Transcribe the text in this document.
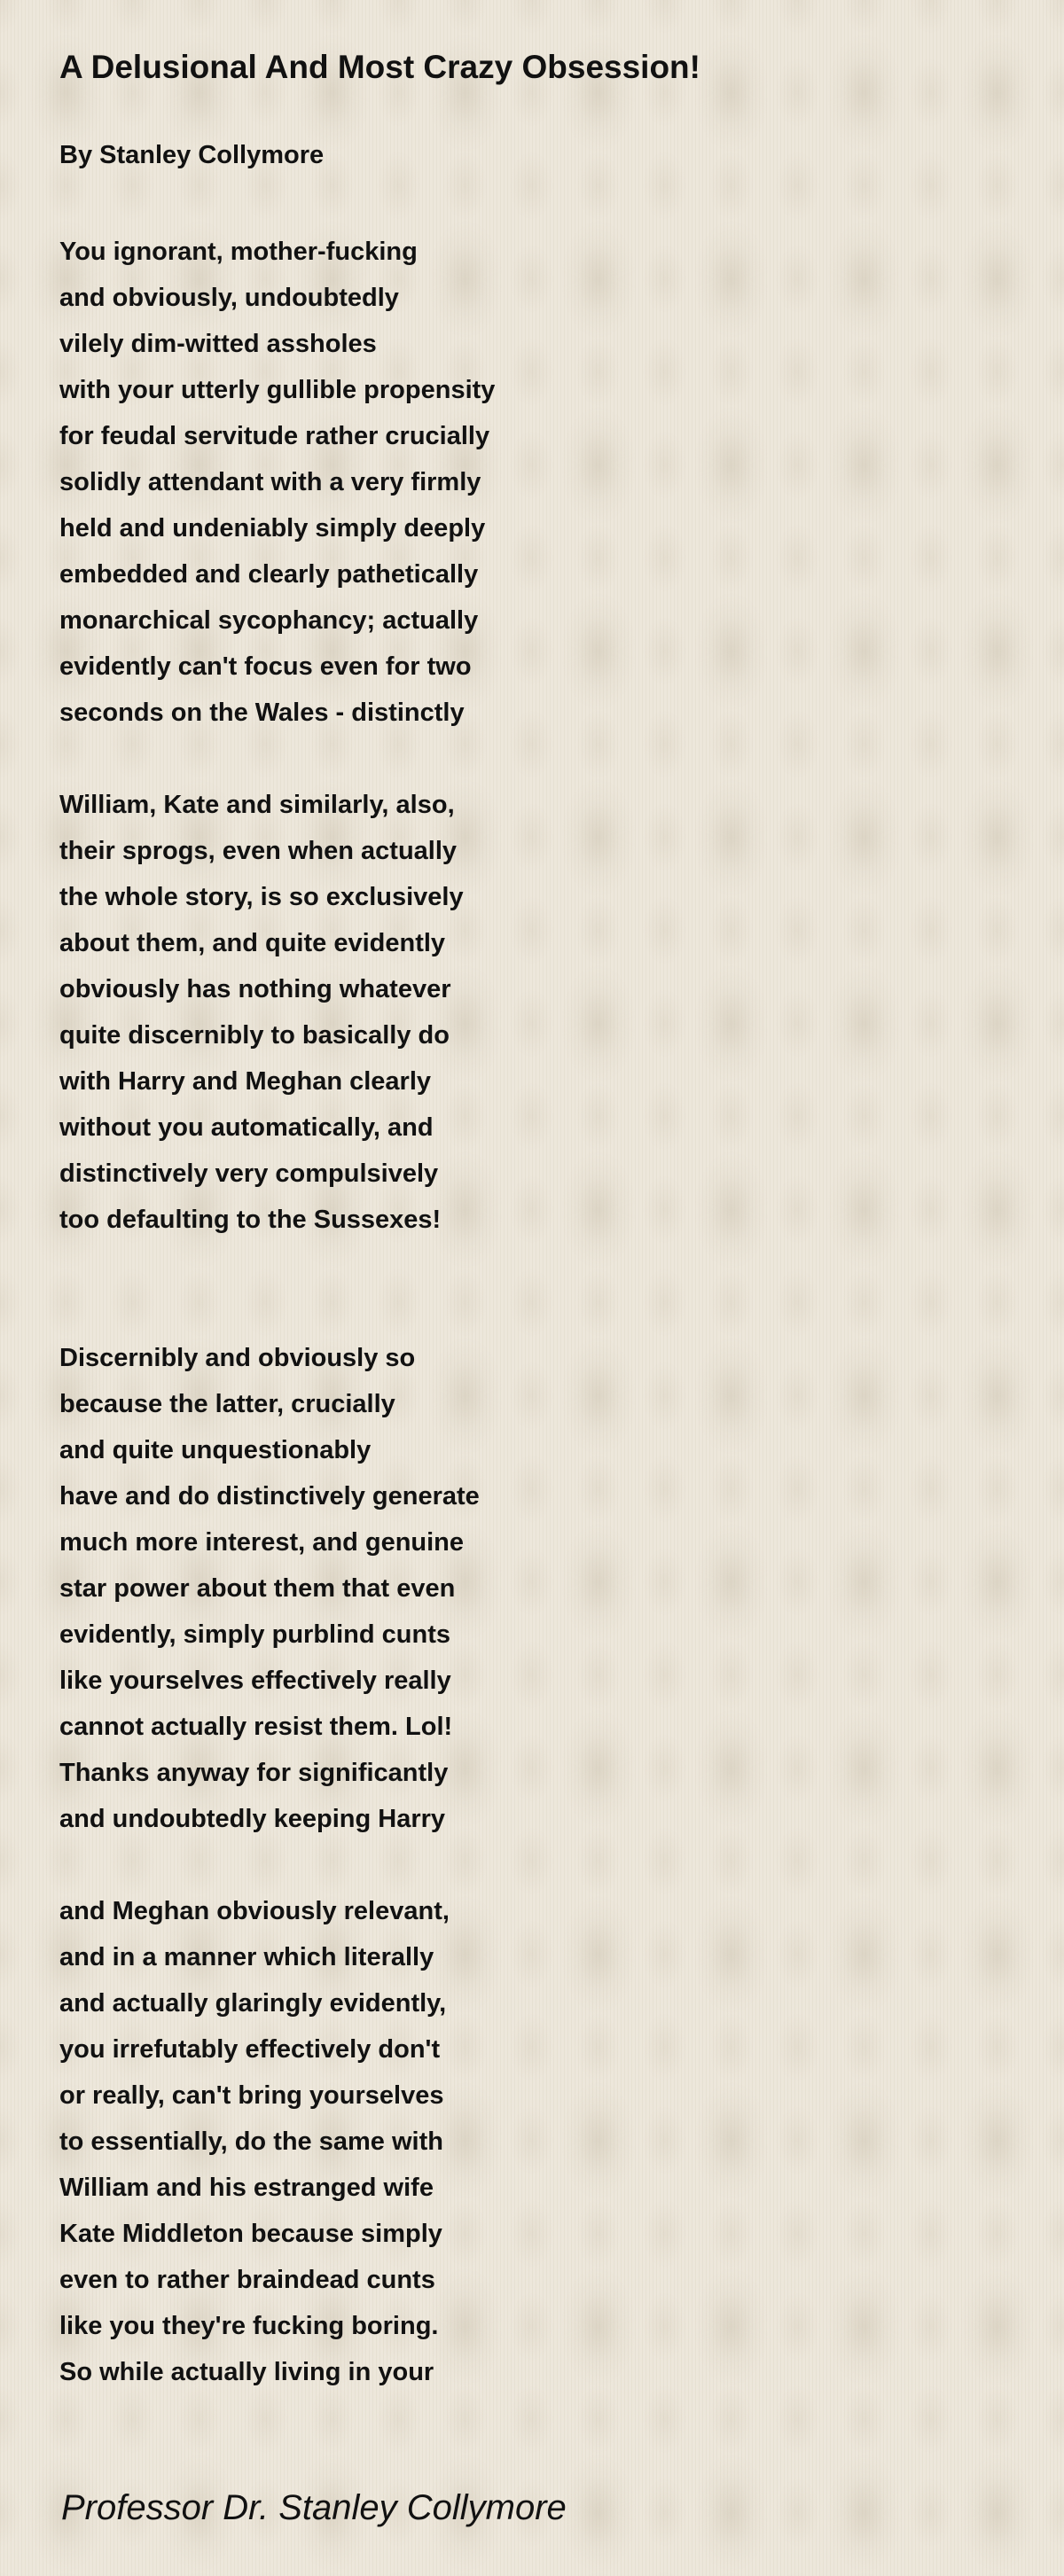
A Delusional And Most Crazy Obsession!
By Stanley Collymore
You ignorant, mother-fucking
and obviously, undoubtedly
vilely dim-witted assholes
with your utterly gullible propensity
for feudal servitude rather crucially
solidly attendant with a very firmly
held and undeniably simply deeply
embedded and clearly pathetically
monarchical sycophancy; actually
evidently can't focus even for two
seconds on the Wales - distinctly
William, Kate and similarly, also,
their sprogs, even when actually
the whole story, is so exclusively
about them, and quite evidently
obviously has nothing whatever
quite discernibly to basically do
with Harry and Meghan clearly
without you automatically, and
distinctively very compulsively
too defaulting to the Sussexes!
Discernibly and obviously so
because the latter, crucially
and quite unquestionably
have and do distinctively generate
much more interest, and genuine
star power about them that even
evidently, simply purblind cunts
like yourselves effectively really
cannot actually resist them. Lol!
Thanks anyway for significantly
and undoubtedly keeping Harry
and Meghan obviously relevant,
and in a manner which literally
and actually glaringly evidently,
you irrefutably effectively don't
or really, can't bring yourselves
to essentially, do the same with
William and his estranged wife
Kate Middleton because simply
even to rather braindead cunts
like you they're fucking boring.
So while actually living in your
Professor Dr. Stanley Collymore
